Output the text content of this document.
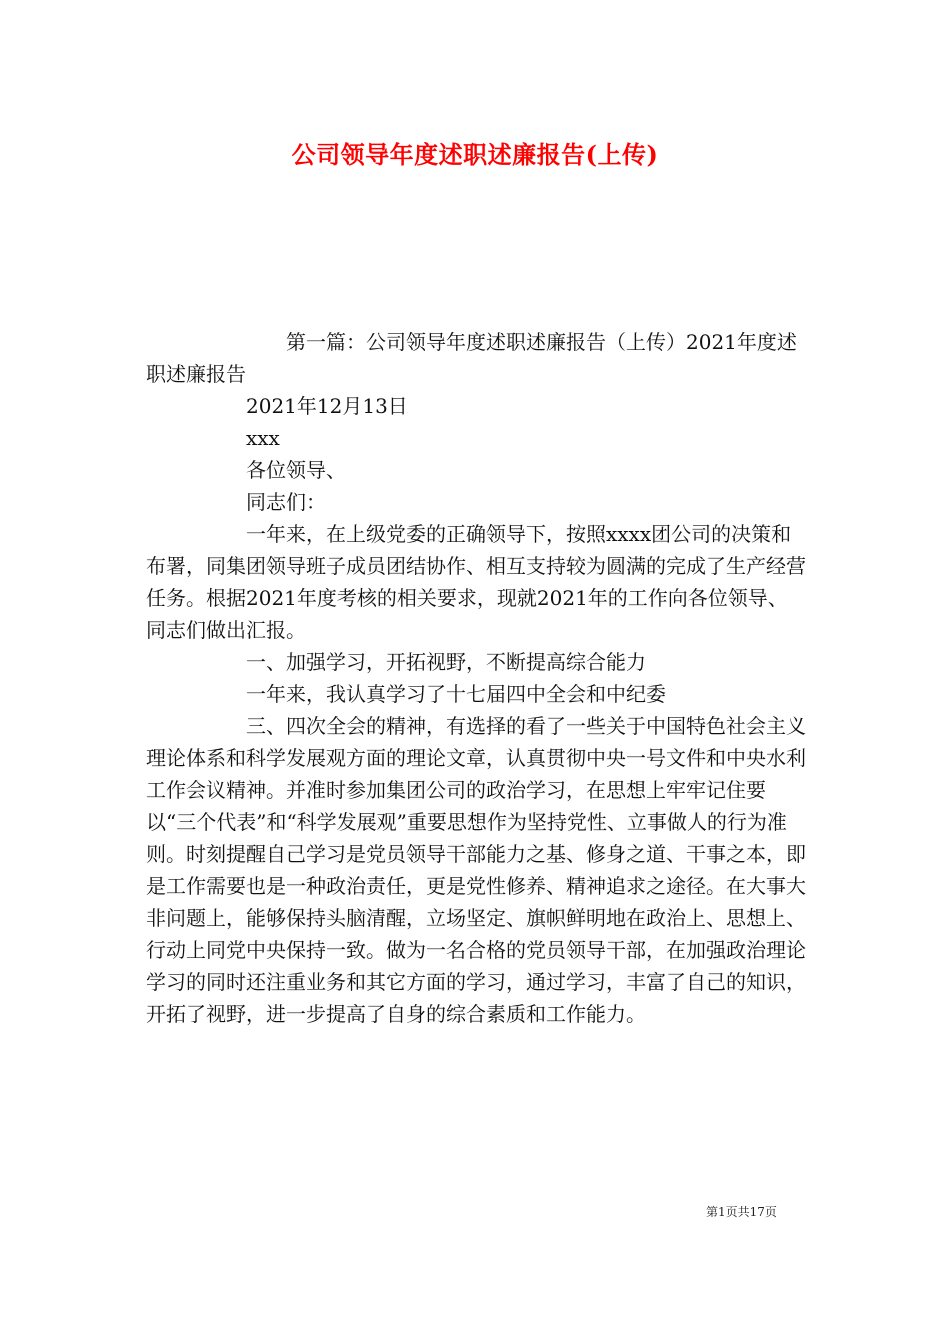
公司领导年度述职述廉报告(上传)

第一篇：公司领导年度述职述廉报告（上传）2021年度述职述廉报告

2021年12月13日

xxx

各位领导、

同志们：

一年来，在上级党委的正确领导下，按照xxxx团公司的决策和布署，同集团领导班子成员团结协作、相互支持较为圆满的完成了生产经营任务。根据2021年度考核的相关要求，现就2021年的工作向各位领导、同志们做出汇报。

一、加强学习，开拓视野，不断提高综合能力

一年来，我认真学习了十七届四中全会和中纪委

三、四次全会的精神，有选择的看了一些关于中国特色社会主义理论体系和科学发展观方面的理论文章，认真贯彻中央一号文件和中央水利工作会议精神。并准时参加集团公司的政治学习，在思想上牢牢记住要以“三个代表”和“科学发展观”重要思想作为坚持党性、立事做人的行为准则。时刻提醒自己学习是党员领导干部能力之基、修身之道、干事之本，即是工作需要也是一种政治责任，更是党性修养、精神追求之途径。在大事大非问题上，能够保持头脑清醒，立场坚定、旗帜鲜明地在政治上、思想上、行动上同党中央保持一致。做为一名合格的党员领导干部，在加强政治理论学习的同时还注重业务和其它方面的学习，通过学习，丰富了自己的知识，开拓了视野，进一步提高了自身的综合素质和工作能力。

第1页共17页
